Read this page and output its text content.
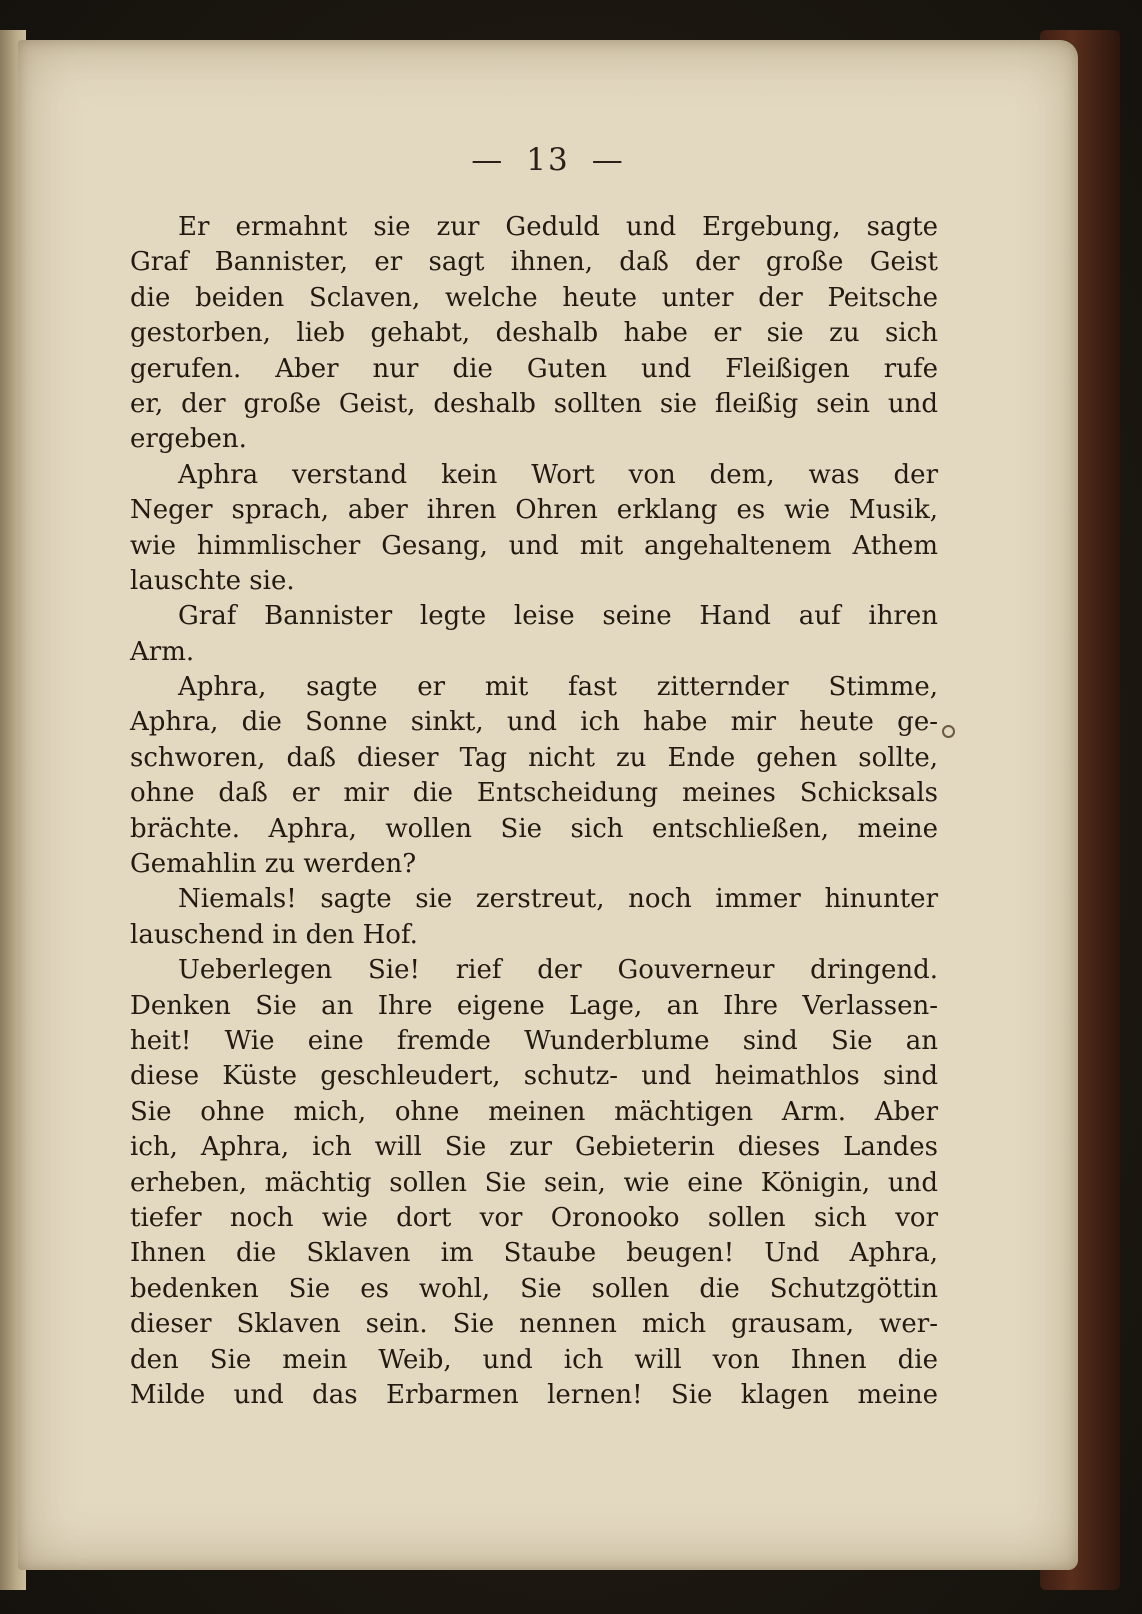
— 13 —
Er ermahnt sie zur Geduld und Ergebung, sagte
Graf Bannister, er sagt ihnen, daß der große Geist
die beiden Sclaven, welche heute unter der Peitsche
gestorben, lieb gehabt, deshalb habe er sie zu sich
gerufen. Aber nur die Guten und Fleißigen rufe
er, der große Geist, deshalb sollten sie fleißig sein und
ergeben.
Aphra verstand kein Wort von dem, was der
Neger sprach, aber ihren Ohren erklang es wie Musik,
wie himmlischer Gesang, und mit angehaltenem Athem
lauschte sie.
Graf Bannister legte leise seine Hand auf ihren
Arm.
Aphra, sagte er mit fast zitternder Stimme,
Aphra, die Sonne sinkt, und ich habe mir heute ge-
schworen, daß dieser Tag nicht zu Ende gehen sollte,
ohne daß er mir die Entscheidung meines Schicksals
brächte. Aphra, wollen Sie sich entschließen, meine
Gemahlin zu werden?
Niemals! sagte sie zerstreut, noch immer hinunter
lauschend in den Hof.
Ueberlegen Sie! rief der Gouverneur dringend.
Denken Sie an Ihre eigene Lage, an Ihre Verlassen-
heit! Wie eine fremde Wunderblume sind Sie an
diese Küste geschleudert, schutz- und heimathlos sind
Sie ohne mich, ohne meinen mächtigen Arm. Aber
ich, Aphra, ich will Sie zur Gebieterin dieses Landes
erheben, mächtig sollen Sie sein, wie eine Königin, und
tiefer noch wie dort vor Oronooko sollen sich vor
Ihnen die Sklaven im Staube beugen! Und Aphra,
bedenken Sie es wohl, Sie sollen die Schutzgöttin
dieser Sklaven sein. Sie nennen mich grausam, wer-
den Sie mein Weib, und ich will von Ihnen die
Milde und das Erbarmen lernen! Sie klagen meine
